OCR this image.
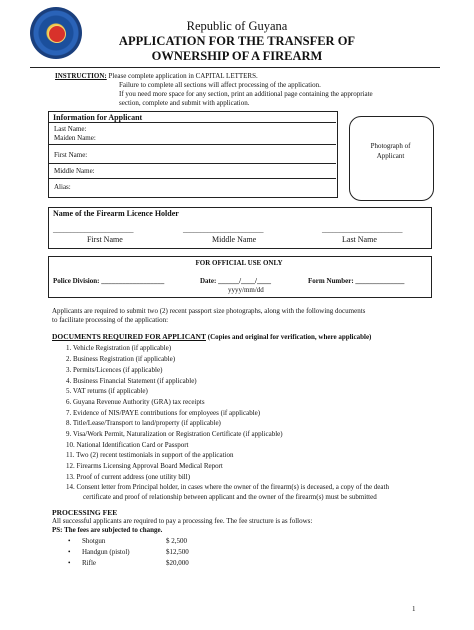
Republic of Guyana
APPLICATION FOR THE TRANSFER OF
OWNERSHIP OF A FIREARM
INSTRUCTION: Please complete application in CAPITAL LETTERS.
Failure to complete all sections will affect processing of the application.
If you need more space for any section, print an additional page containing the appropriate
section, complete and submit with application.
Information for Applicant
Last Name:
Maiden Name:
First Name:
Middle Name:
Alias:
Photograph of
Applicant
Name of the Firearm Licence Holder
_______________________	_______________________	_______________________
First Name	Middle Name	Last Name
FOR OFFICIAL USE ONLY
Police Division: __________________	Date: ______/____/____
yyyy/mm/dd
Form Number: ______________
Applicants are required to submit two (2) recent passport size photographs, along with the following documents
to facilitate processing of the application:
DOCUMENTS REQUIRED FOR APPLICANT (Copies and original for verification, where applicable)
1. Vehicle Registration (if applicable)
2. Business Registration (if applicable)
3. Permits/Licences (if applicable)
4. Business Financial Statement (if applicable)
5. VAT returns (if applicable)
6. Guyana Revenue Authority (GRA) tax receipts
7. Evidence of NIS/PAYE contributions for employees (if applicable)
8. Title/Lease/Transport to land/property (if applicable)
9. Visa/Work Permit, Naturalization or Registration Certificate (if applicable)
10. National Identification Card or Passport
11. Two (2) recent testimonials in support of the application
12. Firearms Licensing Approval Board Medical Report
13. Proof of current address (one utility bill)
14. Consent letter from Principal holder, in cases where the owner of the firearm(s) is deceased, a copy of the death
certificate and proof of relationship between applicant and the owner of the firearm(s) must be submitted
PROCESSING FEE
All successful applicants are required to pay a processing fee. The fee structure is as follows:
PS: The fees are subjected to change.
• Shotgun	$ 2,500
• Handgun (pistol)	$12,500
• Rifle	$20,000
1
